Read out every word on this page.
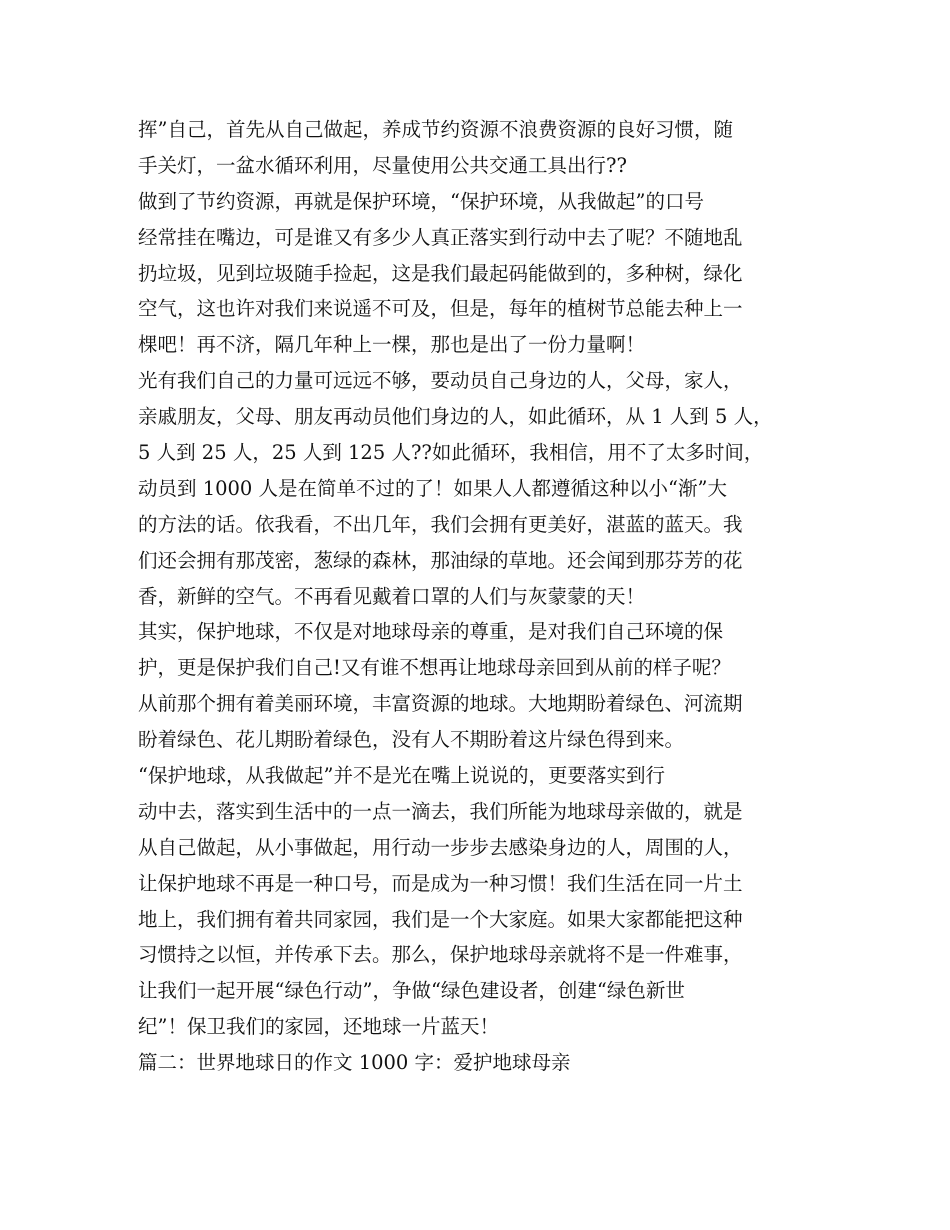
挥”自己，首先从自己做起，养成节约资源不浪费资源的良好习惯，随
手关灯，一盆水循环利用，尽量使用公共交通工具出行??
做到了节约资源，再就是保护环境，“保护环境，从我做起”的口号
经常挂在嘴边，可是谁又有多少人真正落实到行动中去了呢？不随地乱
扔垃圾，见到垃圾随手捡起，这是我们最起码能做到的，多种树，绿化
空气，这也许对我们来说遥不可及，但是，每年的植树节总能去种上一
棵吧！再不济，隔几年种上一棵，那也是出了一份力量啊！
光有我们自己的力量可远远不够，要动员自己身边的人，父母，家人，
亲戚朋友，父母、朋友再动员他们身边的人，如此循环，从 1 人到 5 人，
5 人到 25 人，25 人到 125 人??如此循环，我相信，用不了太多时间，
动员到 1000 人是在简单不过的了！如果人人都遵循这种以小“渐”大
的方法的话。依我看，不出几年，我们会拥有更美好，湛蓝的蓝天。我
们还会拥有那茂密，葱绿的森林，那油绿的草地。还会闻到那芬芳的花
香，新鲜的空气。不再看见戴着口罩的人们与灰蒙蒙的天！
其实，保护地球，不仅是对地球母亲的尊重，是对我们自己环境的保
护，更是保护我们自己!又有谁不想再让地球母亲回到从前的样子呢？
从前那个拥有着美丽环境，丰富资源的地球。大地期盼着绿色、河流期
盼着绿色、花儿期盼着绿色，没有人不期盼着这片绿色得到来。
“保护地球，从我做起”并不是光在嘴上说说的，更要落实到行
动中去，落实到生活中的一点一滴去，我们所能为地球母亲做的，就是
从自己做起，从小事做起，用行动一步步去感染身边的人，周围的人，
让保护地球不再是一种口号，而是成为一种习惯！我们生活在同一片土
地上，我们拥有着共同家园，我们是一个大家庭。如果大家都能把这种
习惯持之以恒，并传承下去。那么，保护地球母亲就将不是一件难事，
让我们一起开展“绿色行动”，争做“绿色建设者，创建“绿色新世
纪”！保卫我们的家园，还地球一片蓝天！
篇二：世界地球日的作文 1000 字：爱护地球母亲
